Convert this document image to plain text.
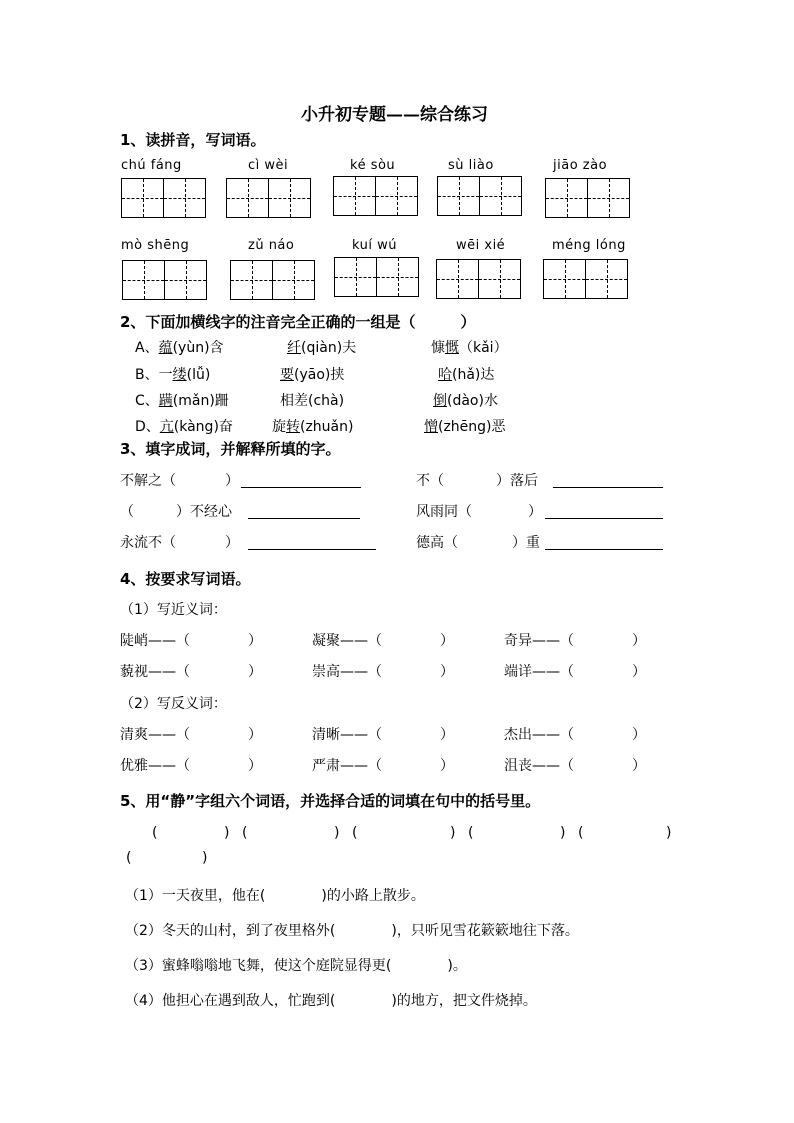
小升初专题——综合练习
1、读拼音，写词语。
chú fáng	cì wèi	ké sòu	sù liào	jiāo zào
mò shēng	zǔ náo	kuí wú	wēi xié	méng lóng
2、下面加横线字的注音完全正确的一组是（　　　）
A、蕴(yùn)含	纤(qiàn)夫	慷慨（kǎi）
B、一缕(lǚ)	要(yāo)挟	哈(hǎ)达
C、蹒(mǎn)跚	相差(chà)	倒(dào)水
D、亢(kàng)奋	旋转(zhuǎn)	憎(zhēng)恶
3、填字成词，并解释所填的字。
不解之（	）	不（	）落后
（	）不经心	风雨同（	）
永流不（	）	德高（	）重
4、按要求写词语。
（1）写近义词：
陡峭——（	）	凝聚——（	）	奇异——（	）
藐视——（	）	崇高——（	）	端详——（	）
（2）写反义词：
清爽——（	）	清晰——（	）	杰出——（	）
优雅——（	）	严肃——（	）	沮丧——（	）
5、用“静”字组六个词语，并选择合适的词填在句中的括号里。
(	) (	) (	) (	) (	)
(	)
（1）一天夜里，他在(　　　　)的小路上散步。
（2）冬天的山村，到了夜里格外(　　　　)，只听见雪花簌簌地往下落。
（3）蜜蜂嗡嗡地飞舞，使这个庭院显得更(　　　　)。
（4）他担心在遇到敌人，忙跑到(　　　　)的地方，把文件烧掉。
